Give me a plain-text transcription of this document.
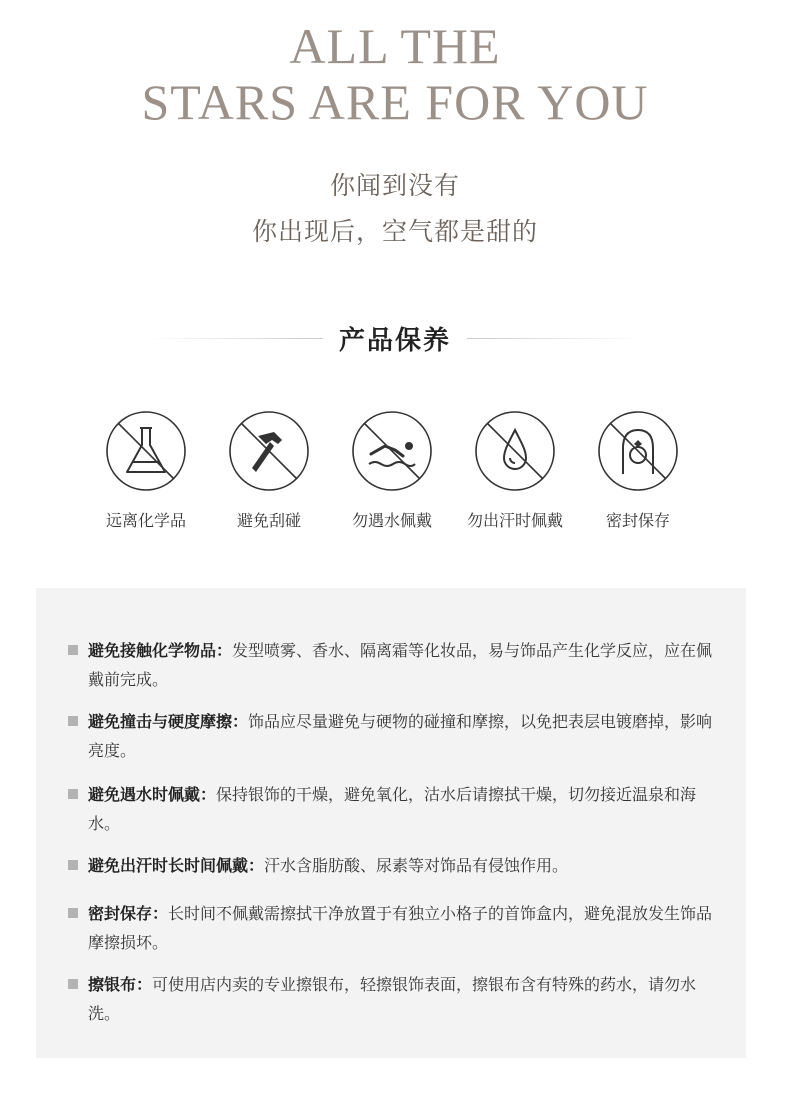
ALL THE
STARS ARE FOR YOU
你闻到没有
你出现后，空气都是甜的
产品保养
远离化学品	避免刮碰	勿遇水佩戴	勿出汗时佩戴	密封保存
避免接触化学物品：发型喷雾、香水、隔离霜等化妆品，易与饰品产生化学反应，应在佩戴前完成。
避免撞击与硬度摩擦：饰品应尽量避免与硬物的碰撞和摩擦，以免把表层电镀磨掉，影响亮度。
避免遇水时佩戴：保持银饰的干燥，避免氧化，沽水后请擦拭干燥，切勿接近温泉和海水。
避免出汗时长时间佩戴：汗水含脂肪酸、尿素等对饰品有侵蚀作用。
密封保存：长时间不佩戴需擦拭干净放置于有独立小格子的首饰盒内，避免混放发生饰品摩擦损坏。
擦银布：可使用店内卖的专业擦银布，轻擦银饰表面，擦银布含有特殊的药水，请勿水洗。
